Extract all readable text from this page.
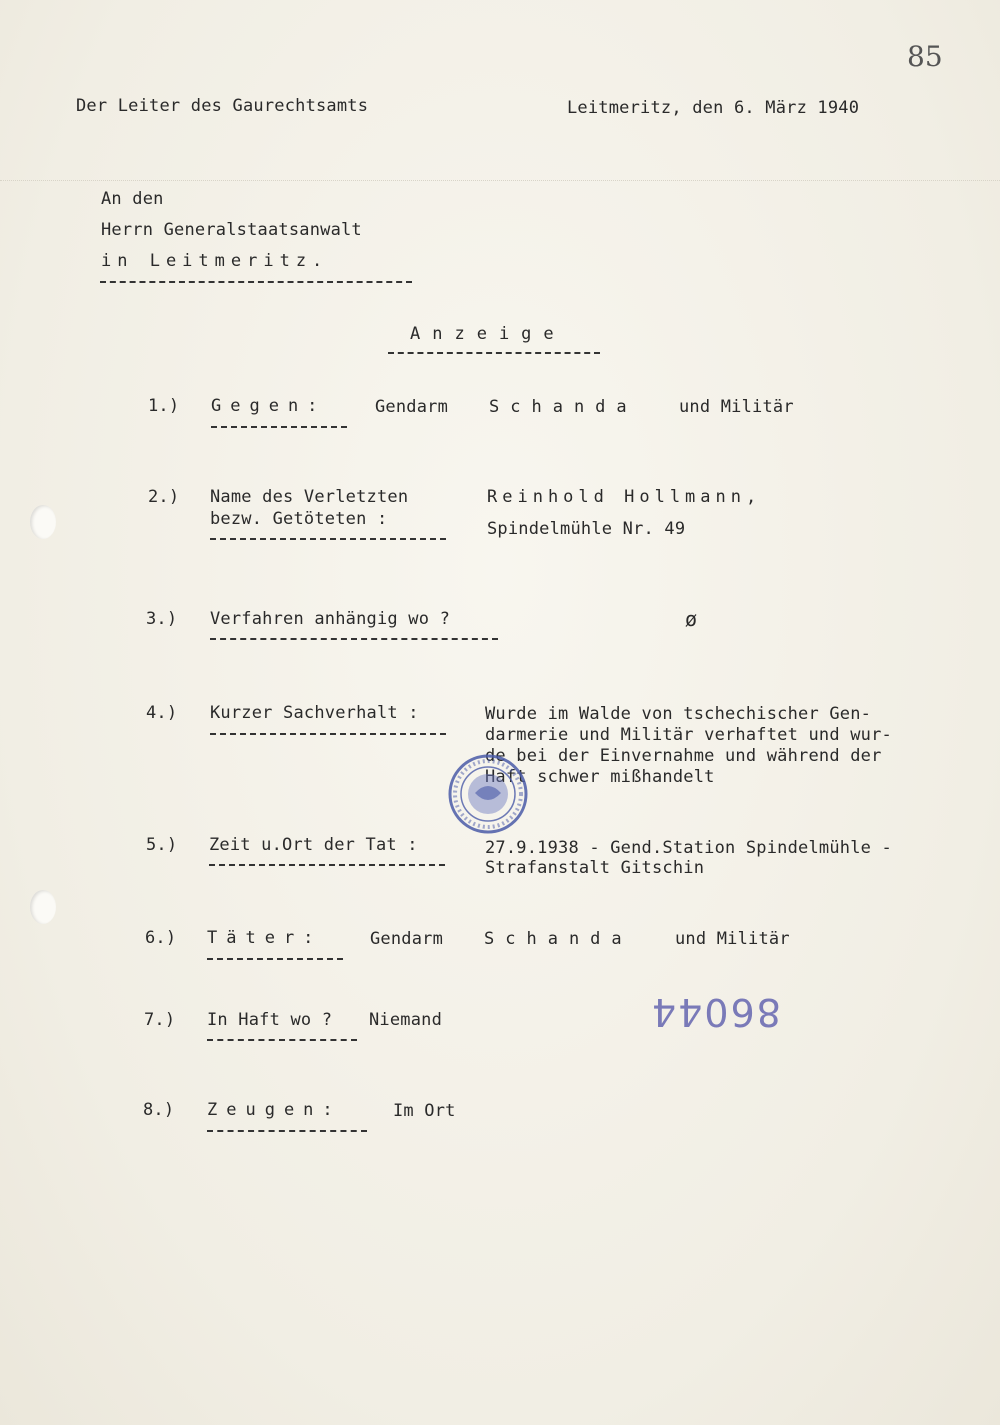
85
Der Leiter des Gaurechtsamts	Leitmeritz, den 6. März 1940
An den
Herrn Generalstaatsanwalt
in Leitmeritz.
Anzeige
1.) Gegen:	Gendarm Schanda und Militär
2.) Name des Verletzten
bezw. Getöteten :
Reinhold Hollmann,
Spindelmühle Nr. 49
3.) Verfahren anhängig wo ?	ø
4.) Kurzer Sachverhalt :	Wurde im Walde von tschechischer Gen-
darmerie und Militär verhaftet und wur-
de bei der Einvernahme und während der
Haft schwer mißhandelt
5.) Zeit u.Ort der Tat :	27.9.1938 - Gend.Station Spindelmühle -
Strafanstalt Gitschin
6.) Täter:	Gendarm Schanda und Militär
86044
7.) In Haft wo ? Niemand
8.) Zeugen:	Im Ort
